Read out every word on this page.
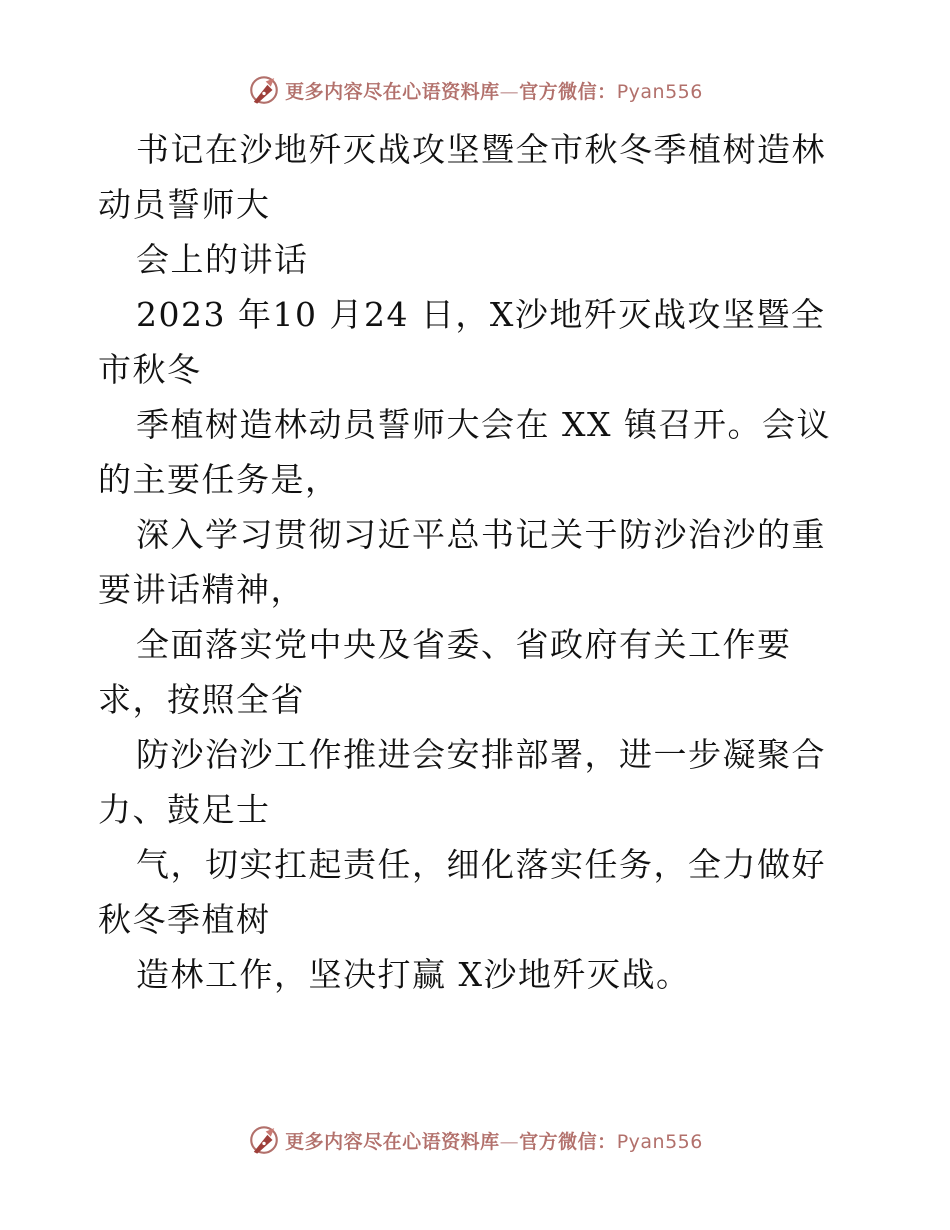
更多内容尽在心语资料库—官方微信：Pyan556

书记在沙地歼灭战攻坚暨全市秋冬季植树造林动员誓师大

会上的讲话

2023 年10 月24 日，X沙地歼灭战攻坚暨全市秋冬

季植树造林动员誓师大会在 XX 镇召开。会议的主要任务是，

深入学习贯彻习近平总书记关于防沙治沙的重要讲话精神，

全面落实党中央及省委、省政府有关工作要求，按照全省

防沙治沙工作推进会安排部署，进一步凝聚合力、鼓足士

气，切实扛起责任，细化落实任务，全力做好秋冬季植树

造林工作，坚决打赢 X沙地歼灭战。

更多内容尽在心语资料库—官方微信：Pyan556
